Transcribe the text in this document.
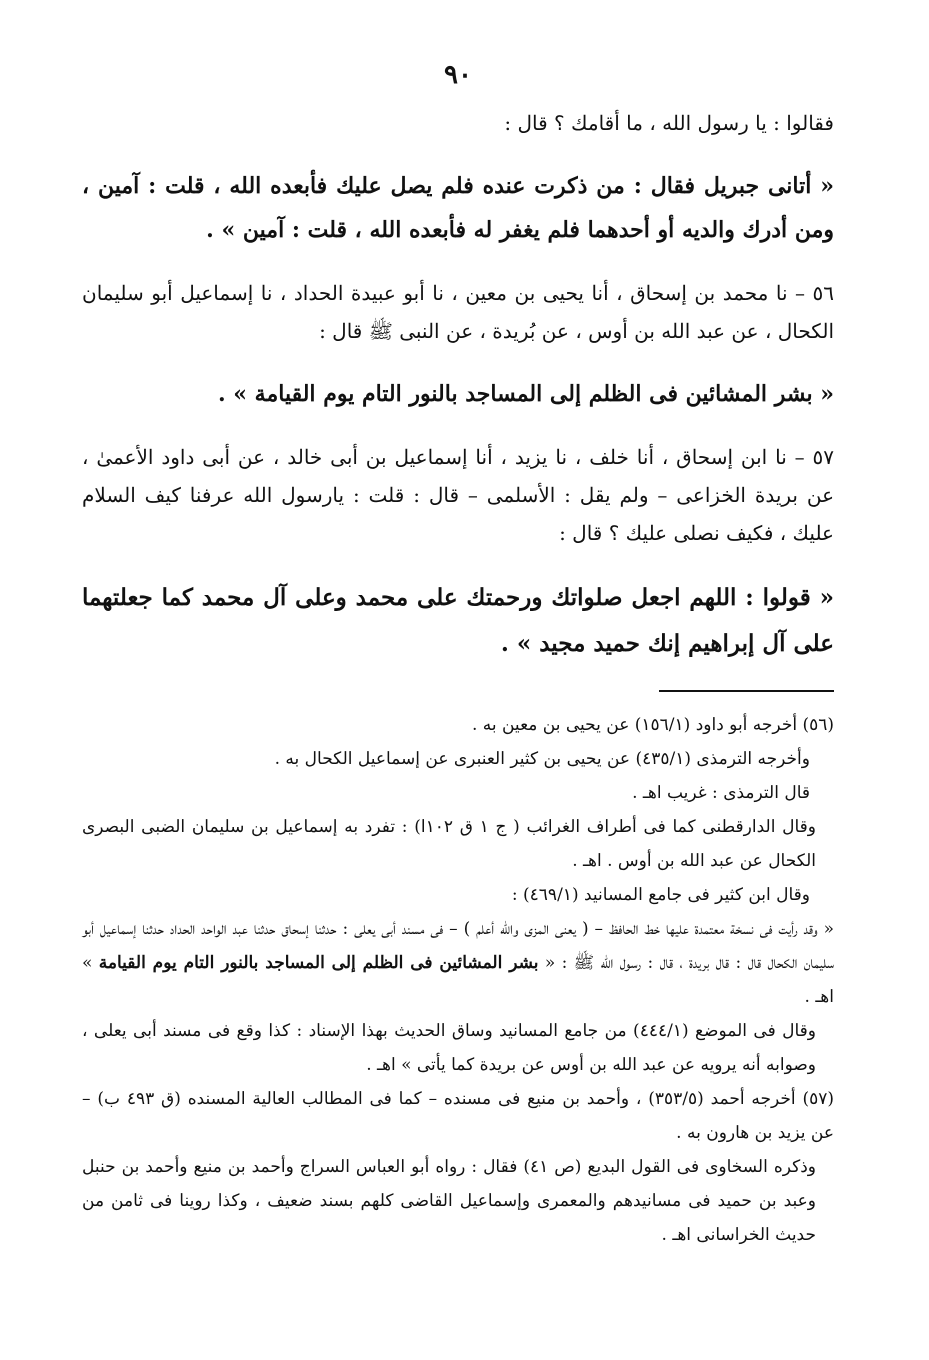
٩٠

فقالوا : يا رسول الله ، ما أقامك ؟ قال :

« أتانى جبريل فقال : من ذكرت عنده فلم يصل عليك فأبعده الله ، قلت : آمين ، ومن أدرك والديه أو أحدهما فلم يغفر له فأبعده الله ، قلت : آمين » .

٥٦ – نا محمد بن إسحاق ، أنا يحيى بن معين ، نا أبو عبيدة الحداد ، نا إسماعيل أبو سليمان الكحال ، عن عبد الله بن أوس ، عن بُريدة ، عن النبى ﷺ قال :

« بشر المشائين فى الظلم إلى المساجد بالنور التام يوم القيامة » .

٥٧ – نا ابن إسحاق ، أنا خلف ، نا يزيد ، أنا إسماعيل بن أبى خالد ، عن أبى داود الأعمىٰ ، عن بريدة الخزاعى – ولم يقل : الأسلمى – قال : قلت : يارسول الله عرفنا كيف السلام عليك ، فكيف نصلى عليك ؟ قال :

« قولوا : اللهم اجعل صلواتك ورحمتك على محمد وعلى آل محمد كما جعلتهما على آل إبراهيم إنك حميد مجيد » .

(٥٦) أخرجه أبو داود (١٥٦/١) عن يحيى بن معين به .

وأخرجه الترمذى (٤٣٥/١) عن يحيى بن كثير العنبرى عن إسماعيل الكحال به .

قال الترمذى : غريب اهـ .

وقال الدارقطنى كما فى أطراف الغرائب ( ج ١ ق ١٠٢ا) : تفرد به إسماعيل بن سليمان الضبى البصرى الكحال عن عبد الله بن أوس . اهـ .

وقال ابن كثير فى جامع المسانيد (٤٦٩/١) :

« وقد رأيت فى نسخة معتمدة عليها خط الحافظ – ( يعنى المزى والله أعلم ) – فى مسند أبى يعلى : حدثنا إسحاق حدثنا عبد الواحد الحداد حدثنا إسماعيل أبو سليمان الكحال قال : قال بريدة ، قال : رسول الله ﷺ : « بشر المشائين فى الظلم إلى المساجد بالنور التام يوم القيامة » اهـ .

وقال فى الموضع (٤٤٤/١) من جامع المسانيد وساق الحديث بهذا الإسناد : كذا وقع فى مسند أبى يعلى ، وصوابه أنه يرويه عن عبد الله بن أوس عن بريدة كما يأتى » اهـ .

(٥٧) أخرجه أحمد (٣٥٣/٥) ، وأحمد بن منيع فى مسنده – كما فى المطالب العالية المسنده (ق ٤٩٣ ب) – عن يزيد بن هارون به .

وذكره السخاوى فى القول البديع (ص ٤١) فقال : رواه أبو العباس السراج وأحمد بن منيع وأحمد بن حنبل وعبد بن حميد فى مسانيدهم والمعمرى وإسماعيل القاضى كلهم بسند ضعيف ، وكذا روينا فى ثامن من حديث الخراسانى اهـ .
